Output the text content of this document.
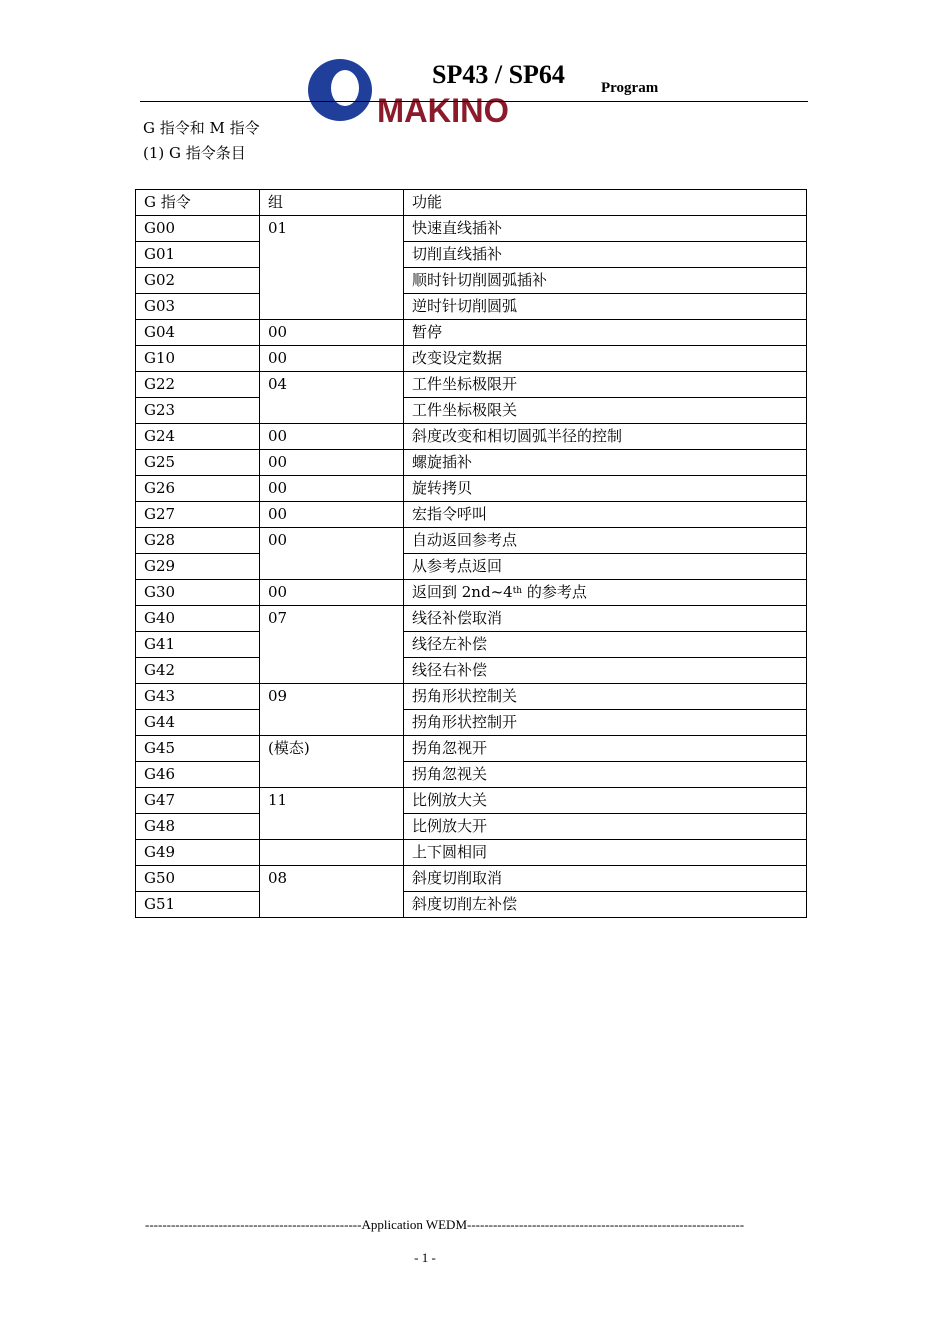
MAKINO
SP43 / SP64 Program
G 指令和 M 指令
(1) G 指令条目
G 指令	组	功能
G00	01	快速直线插补
G01		切削直线插补
G02		顺时针切削圆弧插补
G03		逆时针切削圆弧
G04	00	暂停
G10	00	改变设定数据
G22	04	工件坐标极限开
G23		工件坐标极限关
G24	00	斜度改变和相切圆弧半径的控制
G25	00	螺旋插补
G26	00	旋转拷贝
G27	00	宏指令呼叫
G28	00	自动返回参考点
G29		从参考点返回
G30	00	返回到 2nd~4th 的参考点
G40	07	线径补偿取消
G41		线径左补偿
G42		线径右补偿
G43	09	拐角形状控制关
G44		拐角形状控制开
G45	(模态)	拐角忽视开
G46		拐角忽视关
G47	11	比例放大关
G48		比例放大开
G49		上下圆相同
G50	08	斜度切削取消
G51		斜度切削左补偿
--------------------------------------------------Application WEDM----------------------------------------------------------------
- 1 -
